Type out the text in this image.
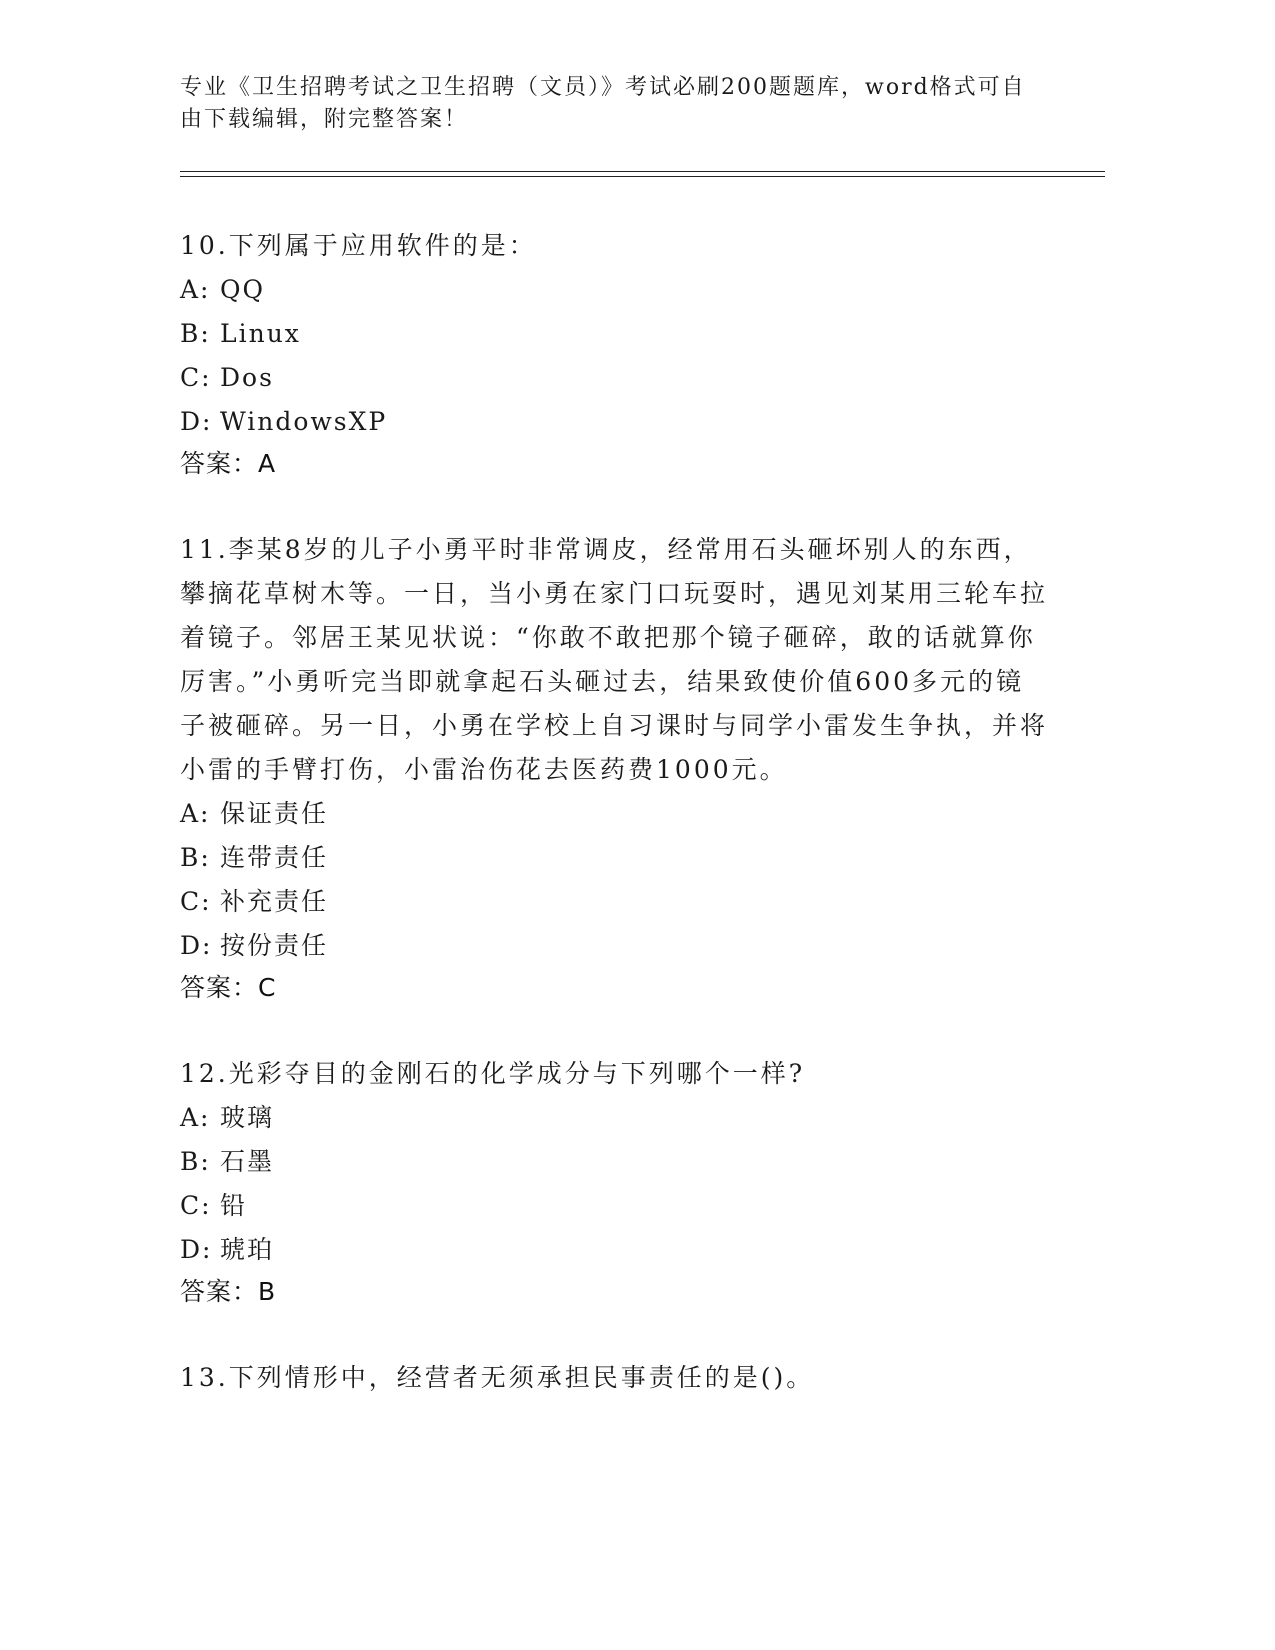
专业《卫生招聘考试之卫生招聘（文员）》考试必刷200题题库，word格式可自由下载编辑，附完整答案！

10.下列属于应用软件的是：

A: QQ

B: Linux

C: Dos

D: WindowsXP

答案：A

11.李某8岁的儿子小勇平时非常调皮，经常用石头砸坏别人的东西，攀摘花草树木等。一日，当小勇在家门口玩耍时，遇见刘某用三轮车拉着镜子。邻居王某见状说：“你敢不敢把那个镜子砸碎，敢的话就算你厉害。”小勇听完当即就拿起石头砸过去，结果致使价值600多元的镜子被砸碎。另一日，小勇在学校上自习课时与同学小雷发生争执，并将小雷的手臂打伤，小雷治伤花去医药费1000元。

A: 保证责任

B: 连带责任

C: 补充责任

D: 按份责任

答案：C

12.光彩夺目的金刚石的化学成分与下列哪个一样?

A: 玻璃

B: 石墨

C: 铅

D: 琥珀

答案：B

13.下列情形中，经营者无须承担民事责任的是()。
